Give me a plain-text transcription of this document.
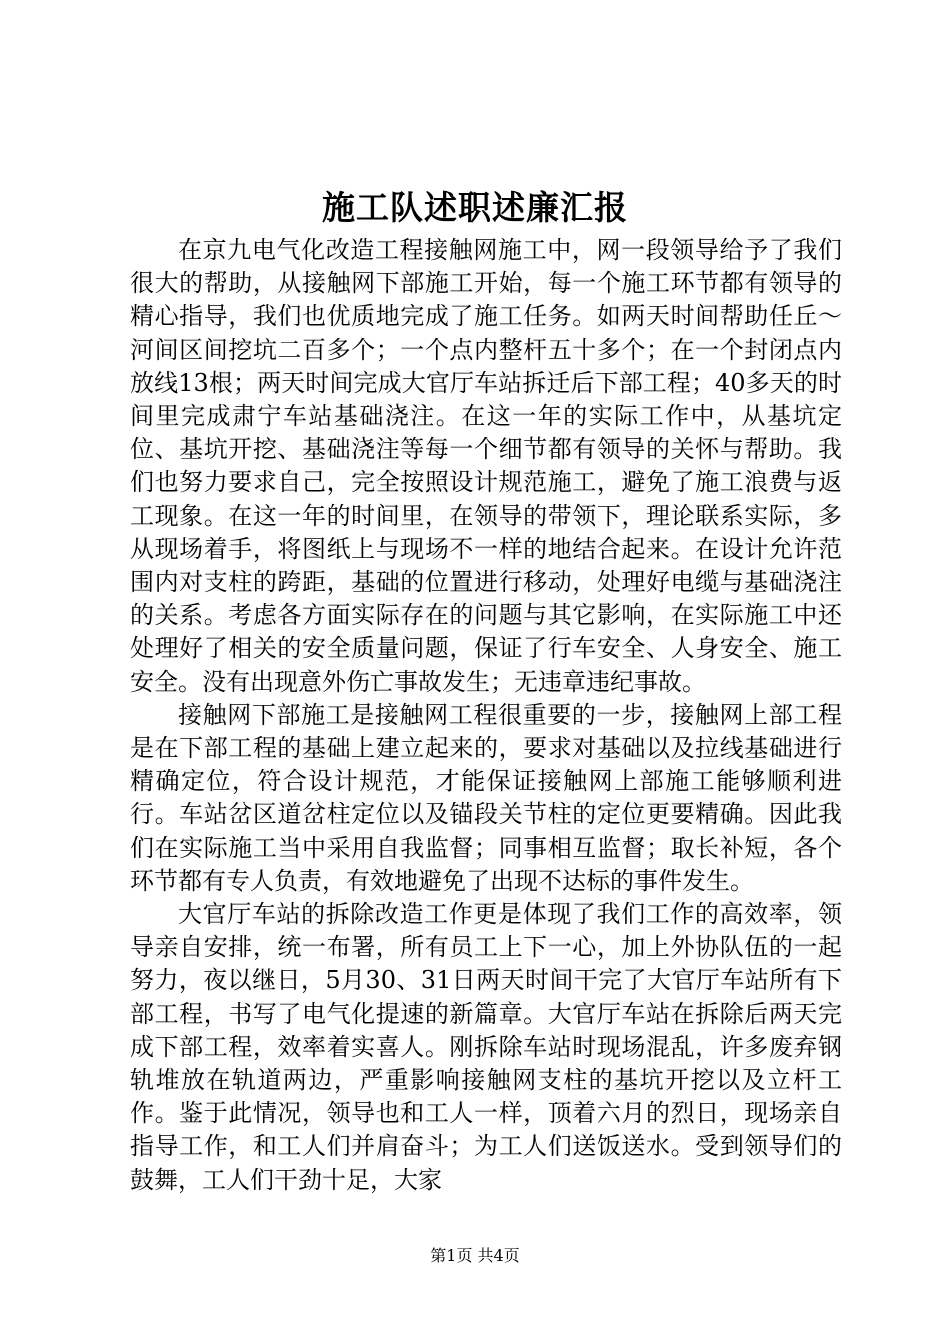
施工队述职述廉汇报

在京九电气化改造工程接触网施工中，网一段领导给予了我们很大的帮助，从接触网下部施工开始，每一个施工环节都有领导的精心指导，我们也优质地完成了施工任务。如两天时间帮助任丘～河间区间挖坑二百多个；一个点内整杆五十多个；在一个封闭点内放线13根；两天时间完成大官厅车站拆迁后下部工程；40多天的时间里完成肃宁车站基础浇注。在这一年的实际工作中，从基坑定位、基坑开挖、基础浇注等每一个细节都有领导的关怀与帮助。我们也努力要求自己，完全按照设计规范施工，避免了施工浪费与返工现象。在这一年的时间里，在领导的带领下，理论联系实际，多从现场着手，将图纸上与现场不一样的地结合起来。在设计允许范围内对支柱的跨距，基础的位置进行移动，处理好电缆与基础浇注的关系。考虑各方面实际存在的问题与其它影响，在实际施工中还处理好了相关的安全质量问题，保证了行车安全、人身安全、施工安全。没有出现意外伤亡事故发生；无违章违纪事故。

接触网下部施工是接触网工程很重要的一步，接触网上部工程是在下部工程的基础上建立起来的，要求对基础以及拉线基础进行精确定位，符合设计规范，才能保证接触网上部施工能够顺利进行。车站岔区道岔柱定位以及锚段关节柱的定位更要精确。因此我们在实际施工当中采用自我监督；同事相互监督；取长补短，各个环节都有专人负责，有效地避免了出现不达标的事件发生。

大官厅车站的拆除改造工作更是体现了我们工作的高效率，领导亲自安排，统一布署，所有员工上下一心，加上外协队伍的一起努力，夜以继日，5月30、31日两天时间干完了大官厅车站所有下部工程，书写了电气化提速的新篇章。大官厅车站在拆除后两天完成下部工程，效率着实喜人。刚拆除车站时现场混乱，许多废弃钢轨堆放在轨道两边，严重影响接触网支柱的基坑开挖以及立杆工作。鉴于此情况，领导也和工人一样，顶着六月的烈日，现场亲自指导工作，和工人们并肩奋斗；为工人们送饭送水。受到领导们的鼓舞，工人们干劲十足，大家

第1页 共4页
